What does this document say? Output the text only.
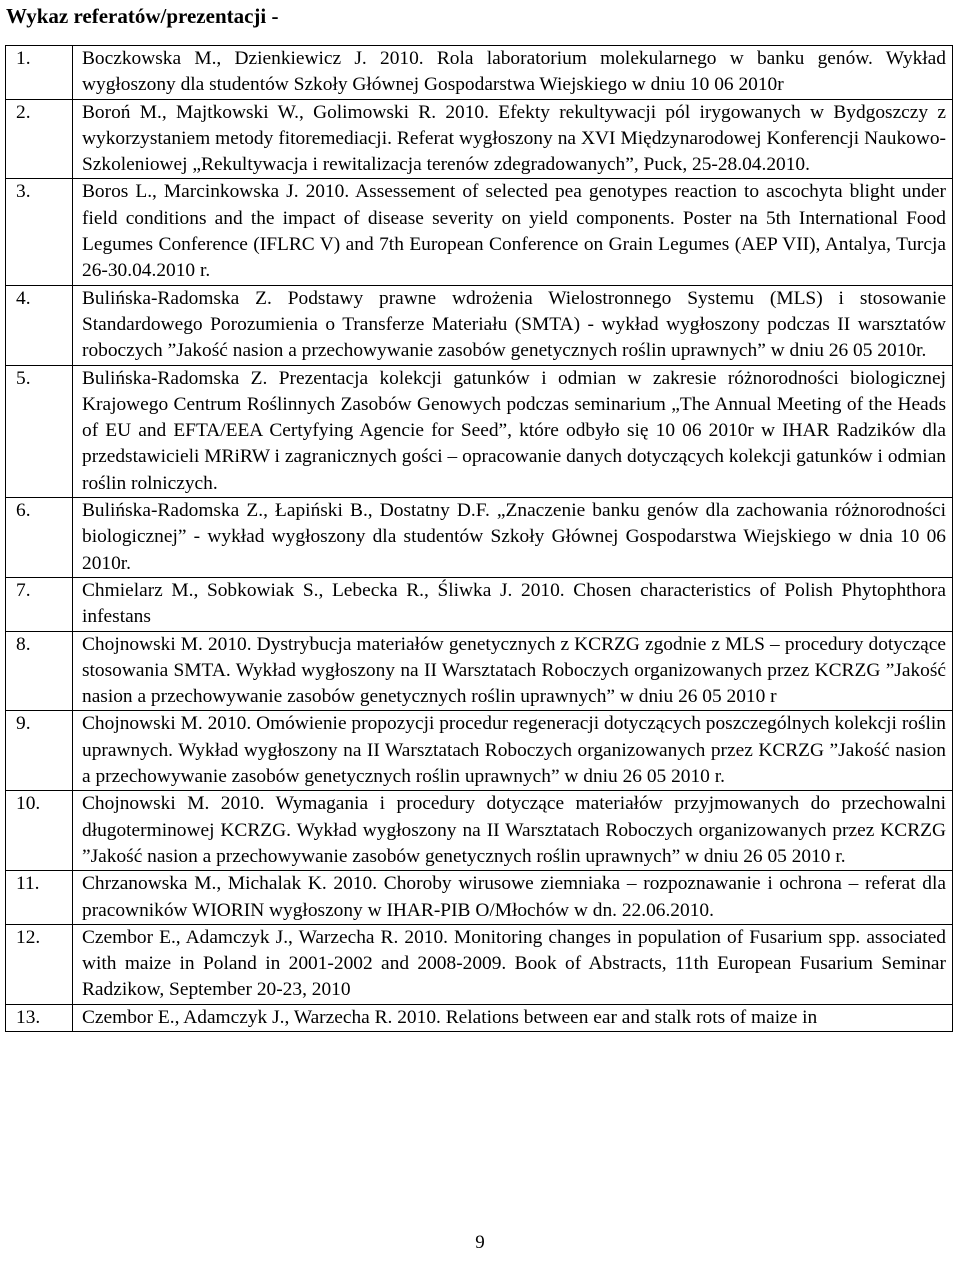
Wykaz referatów/prezentacji -
1.	Boczkowska M., Dzienkiewicz J. 2010. Rola laboratorium molekularnego w banku genów. Wykład wygłoszony dla studentów Szkoły Głównej Gospodarstwa Wiejskiego w dniu 10 06 2010r
2.	Boroń M., Majtkowski W., Golimowski R. 2010. Efekty rekultywacji pól irygowanych w Bydgoszczy z wykorzystaniem metody fitoremediacji. Referat wygłoszony na XVI Międzynarodowej Konferencji Naukowo-Szkoleniowej „Rekultywacja i rewitalizacja terenów zdegradowanych”, Puck, 25-28.04.2010.
3.	Boros L., Marcinkowska J. 2010. Assessement of selected pea genotypes reaction to ascochyta blight under field conditions and the impact of disease severity on yield components. Poster na 5th International Food Legumes Conference (IFLRC V) and 7th European Conference on Grain Legumes (AEP VII), Antalya, Turcja 26-30.04.2010 r.
4.	Bulińska-Radomska Z. Podstawy prawne wdrożenia Wielostronnego Systemu (MLS) i stosowanie Standardowego Porozumienia o Transferze Materiału (SMTA) - wykład wygłoszony podczas II warsztatów roboczych ”Jakość nasion a przechowywanie zasobów genetycznych roślin uprawnych” w dniu 26 05 2010r.
5.	Bulińska-Radomska Z. Prezentacja kolekcji gatunków i odmian w zakresie różnorodności biologicznej Krajowego Centrum Roślinnych Zasobów Genowych podczas seminarium „The Annual Meeting of the Heads of EU and EFTA/EEA Certyfying Agencie for Seed”, które odbyło się 10 06 2010r w IHAR Radzików dla przedstawicieli MRiRW i zagranicznych gości – opracowanie danych dotyczących kolekcji gatunków i odmian roślin rolniczych.
6.	Bulińska-Radomska Z., Łapiński B., Dostatny D.F. „Znaczenie banku genów dla zachowania różnorodności biologicznej” - wykład wygłoszony dla studentów Szkoły Głównej Gospodarstwa Wiejskiego w dnia 10 06 2010r.
7.	Chmielarz M., Sobkowiak S., Lebecka R., Śliwka J. 2010. Chosen characteristics of Polish Phytophthora infestans
8.	Chojnowski M. 2010. Dystrybucja materiałów genetycznych z KCRZG zgodnie z MLS – procedury dotyczące stosowania SMTA. Wykład wygłoszony na II Warsztatach Roboczych organizowanych przez KCRZG ”Jakość nasion a przechowywanie zasobów genetycznych roślin uprawnych” w dniu 26 05 2010 r
9.	Chojnowski M. 2010. Omówienie propozycji procedur regeneracji dotyczących poszczególnych kolekcji roślin uprawnych. Wykład wygłoszony na II Warsztatach Roboczych organizowanych przez KCRZG ”Jakość nasion a przechowywanie zasobów genetycznych roślin uprawnych” w dniu 26 05 2010 r.
10.	Chojnowski M. 2010. Wymagania i procedury dotyczące materiałów przyjmowanych do przechowalni długoterminowej KCRZG. Wykład wygłoszony na II Warsztatach Roboczych organizowanych przez KCRZG ”Jakość nasion a przechowywanie zasobów genetycznych roślin uprawnych” w dniu 26 05 2010 r.
11.	Chrzanowska M., Michalak K. 2010. Choroby wirusowe ziemniaka – rozpoznawanie i ochrona – referat dla pracowników WIORIN wygłoszony w IHAR-PIB O/Młochów w dn. 22.06.2010.
12.	Czembor E., Adamczyk J., Warzecha R. 2010. Monitoring changes in population of Fusarium spp. associated with maize in Poland in 2001-2002 and 2008-2009. Book of Abstracts, 11th European Fusarium Seminar Radzikow, September 20-23, 2010
13.	Czembor E., Adamczyk J., Warzecha R. 2010. Relations between ear and stalk rots of maize in
9
